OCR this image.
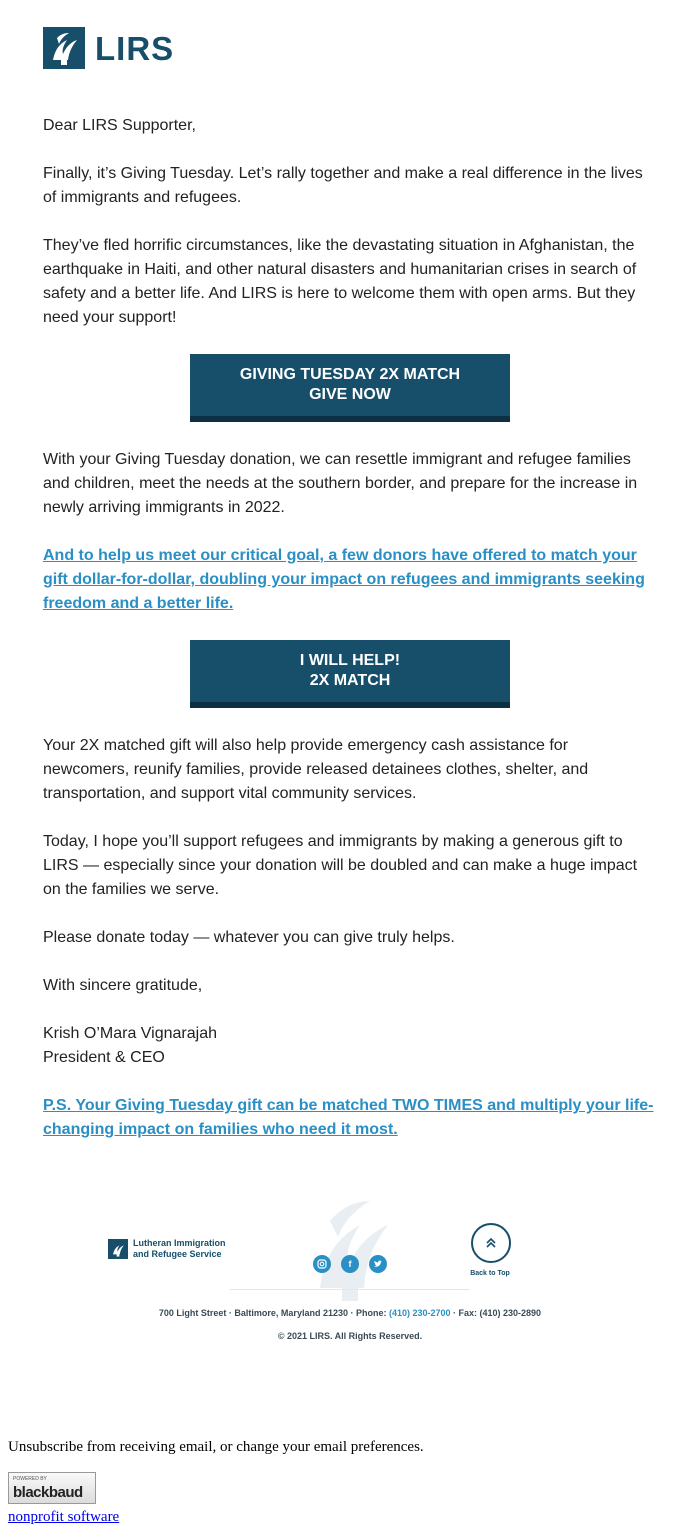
LIRS

Dear LIRS Supporter,

Finally, it’s Giving Tuesday. Let’s rally together and make a real difference in the lives of immigrants and refugees.

They’ve fled horrific circumstances, like the devastating situation in Afghanistan, the earthquake in Haiti, and other natural disasters and humanitarian crises in search of safety and a better life. And LIRS is here to welcome them with open arms. But they need your support!

GIVING TUESDAY 2X MATCH
GIVE NOW

With your Giving Tuesday donation, we can resettle immigrant and refugee families and children, meet the needs at the southern border, and prepare for the increase in newly arriving immigrants in 2022.

And to help us meet our critical goal, a few donors have offered to match your gift dollar-for-dollar, doubling your impact on refugees and immigrants seeking freedom and a better life.
I WILL HELP!
2X MATCH

Your 2X matched gift will also help provide emergency cash assistance for newcomers, reunify families, provide released detainees clothes, shelter, and transportation, and support vital community services.

Today, I hope you’ll support refugees and immigrants by making a generous gift to LIRS — especially since your donation will be doubled and can make a huge impact on the families we serve.

Please donate today — whatever you can give truly helps.

With sincere gratitude,

Krish O’Mara Vignarajah

President & CEO

P.S. Your Giving Tuesday gift can be matched TWO TIMES and multiply your life-changing impact on families who need it most.
Lutheran Immigration
and Refugee Service
f
Back to Top
700 Light Street · Baltimore, Maryland 21230 · Phone: (410) 230-2700 · Fax: (410) 230-2890
© 2021 LIRS. All Rights Reserved.
Unsubscribe from receiving email, or change your email preferences.
POWERED BY
blackbaud
nonprofit software
